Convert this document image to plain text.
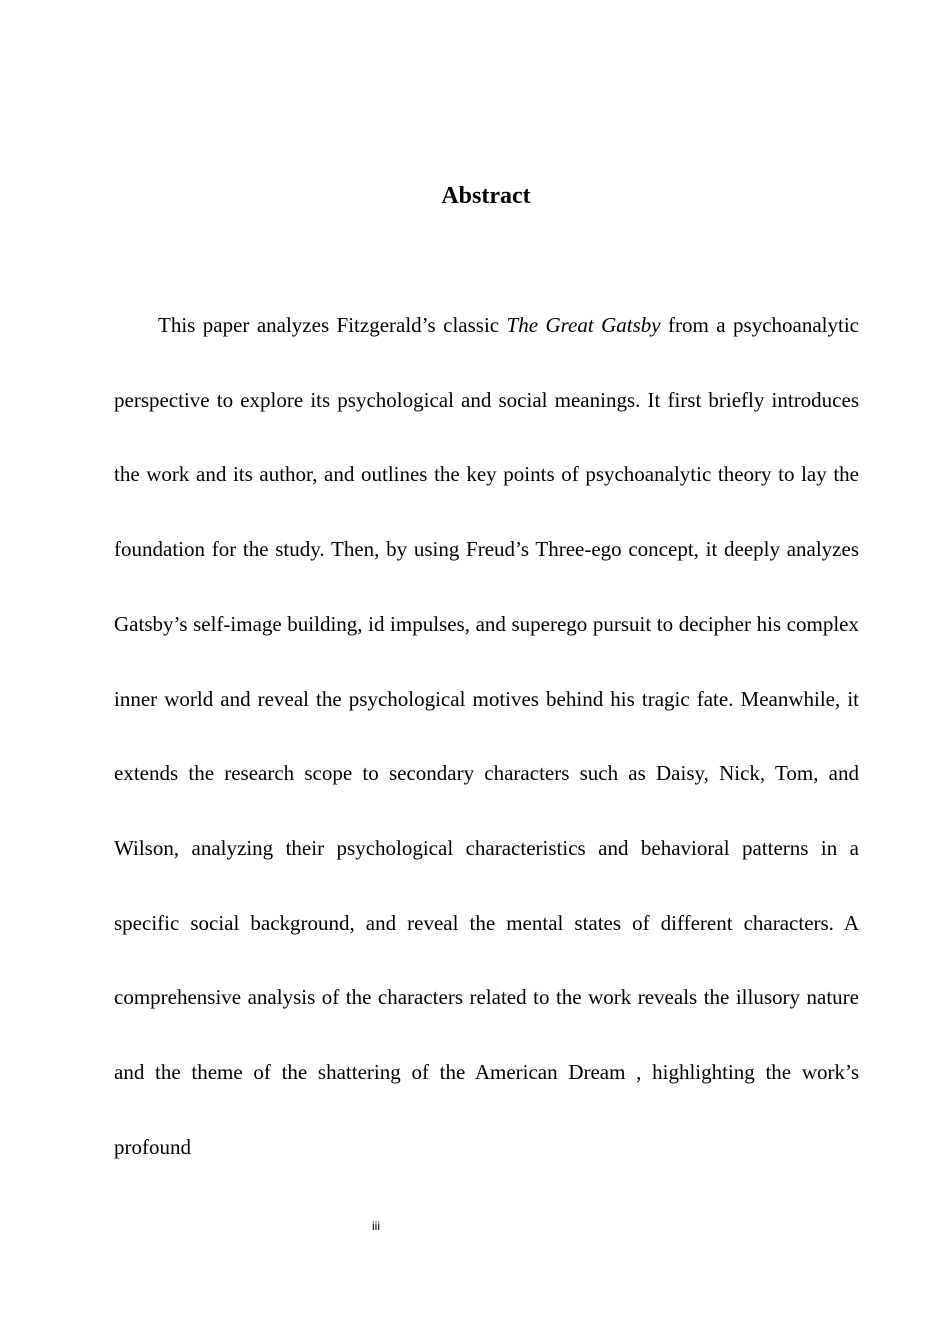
Abstract

This paper analyzes Fitzgerald’s classic The Great Gatsby from a psychoanalytic perspective to explore its psychological and social meanings. It first briefly introduces the work and its author, and outlines the key points of psychoanalytic theory to lay the foundation for the study. Then, by using Freud’s Three-ego concept, it deeply analyzes Gatsby’s self-image building, id impulses, and superego pursuit to decipher his complex inner world and reveal the psychological motives behind his tragic fate. Meanwhile, it extends the research scope to secondary characters such as Daisy, Nick, Tom, and Wilson, analyzing their psychological characteristics and behavioral patterns in a specific social background, and reveal the mental states of different characters. A comprehensive analysis of the characters related to the work reveals the illusory nature and the theme of the shattering of the American Dream , highlighting the work’s profound

iii
